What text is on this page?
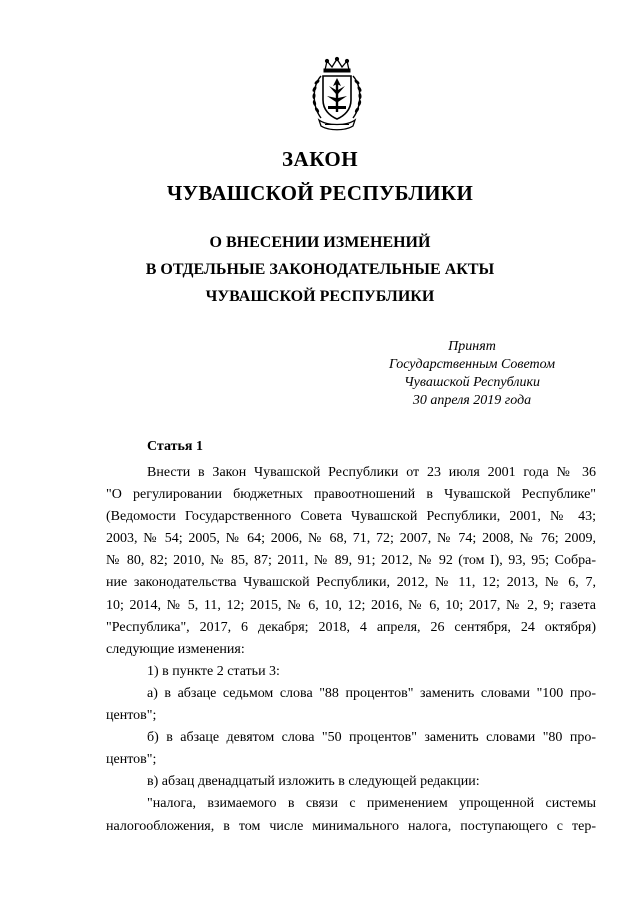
ЗАКОН
ЧУВАШСКОЙ РЕСПУБЛИКИ
О ВНЕСЕНИИ ИЗМЕНЕНИЙ
В ОТДЕЛЬНЫЕ ЗАКОНОДАТЕЛЬНЫЕ АКТЫ
ЧУВАШСКОЙ РЕСПУБЛИКИ
Принят
Государственным Советом
Чувашской Республики
30 апреля 2019 года
Статья 1
Внести в Закон Чувашской Республики от 23 июля 2001 года № 36
"О регулировании бюджетных правоотношений в Чувашской Республике"
(Ведомости Государственного Совета Чувашской Республики, 2001, № 43;
2003, № 54; 2005, № 64; 2006, № 68, 71, 72; 2007, № 74; 2008, № 76; 2009,
№ 80, 82; 2010, № 85, 87; 2011, № 89, 91; 2012, № 92 (том I), 93, 95; Собра-
ние законодательства Чувашской Республики, 2012, № 11, 12; 2013, № 6, 7,
10; 2014, № 5, 11, 12; 2015, № 6, 10, 12; 2016, № 6, 10; 2017, № 2, 9; газета
"Республика", 2017, 6 декабря; 2018, 4 апреля, 26 сентября, 24 октября)
следующие изменения:
1) в пункте 2 статьи 3:
а) в абзаце седьмом слова "88 процентов" заменить словами "100 про-
центов";
б) в абзаце девятом слова "50 процентов" заменить словами "80 про-
центов";
в) абзац двенадцатый изложить в следующей редакции:
"налога, взимаемого в связи с применением упрощенной системы
налогообложения, в том числе минимального налога, поступающего с тер-
